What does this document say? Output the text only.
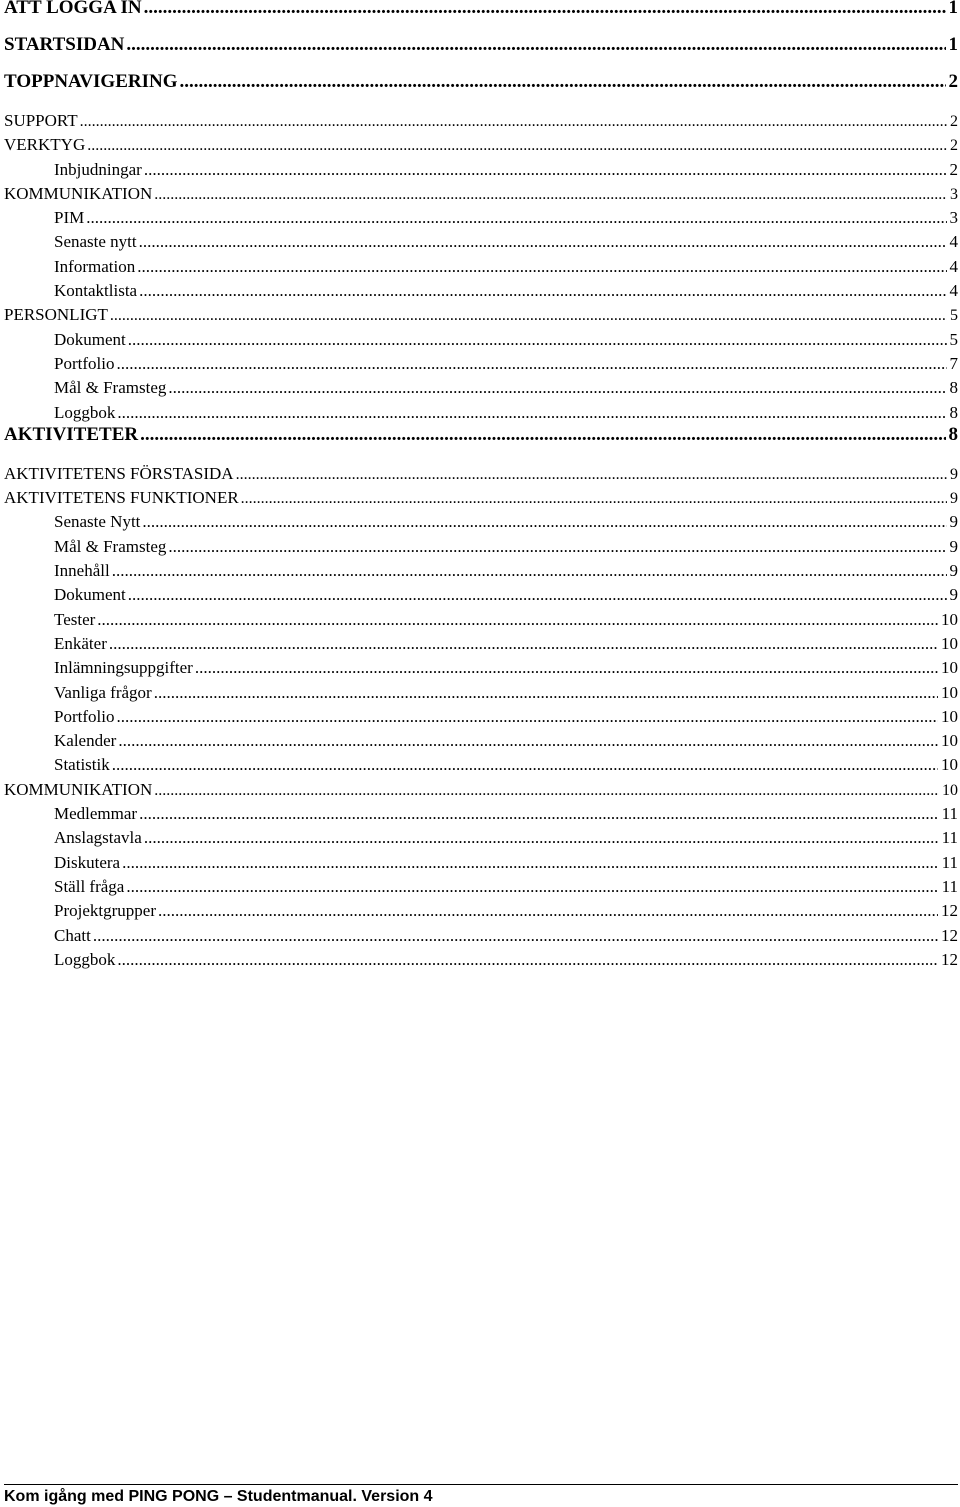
ATT LOGGA IN .....	1
STARTSIDAN .....	1
TOPPNAVIGERING .....	2
SUPPORT .....	2
VERKTYG .....	2
Inbjudningar .....	2
KOMMUNIKATION .....	3
PIM .....	3
Senaste nytt .....	4
Information .....	4
Kontaktlista .....	4
PERSONLIGT .....	5
Dokument .....	5
Portfolio .....	7
Mål & Framsteg .....	8
Loggbok .....	8
AKTIVITETER .....	8
AKTIVITETENS FÖRSTASIDA .....	9
AKTIVITETENS FUNKTIONER .....	9
Senaste Nytt .....	9
Mål & Framsteg .....	9
Innehåll .....	9
Dokument .....	9
Tester .....	10
Enkäter .....	10
Inlämningsuppgifter .....	10
Vanliga frågor .....	10
Portfolio .....	10
Kalender .....	10
Statistik .....	10
KOMMUNIKATION .....	10
Medlemmar .....	11
Anslagstavla .....	11
Diskutera .....	11
Ställ fråga .....	11
Projektgrupper .....	12
Chatt .....	12
Loggbok .....	12
Kom igång med PING PONG – Studentmanual. Version 4
